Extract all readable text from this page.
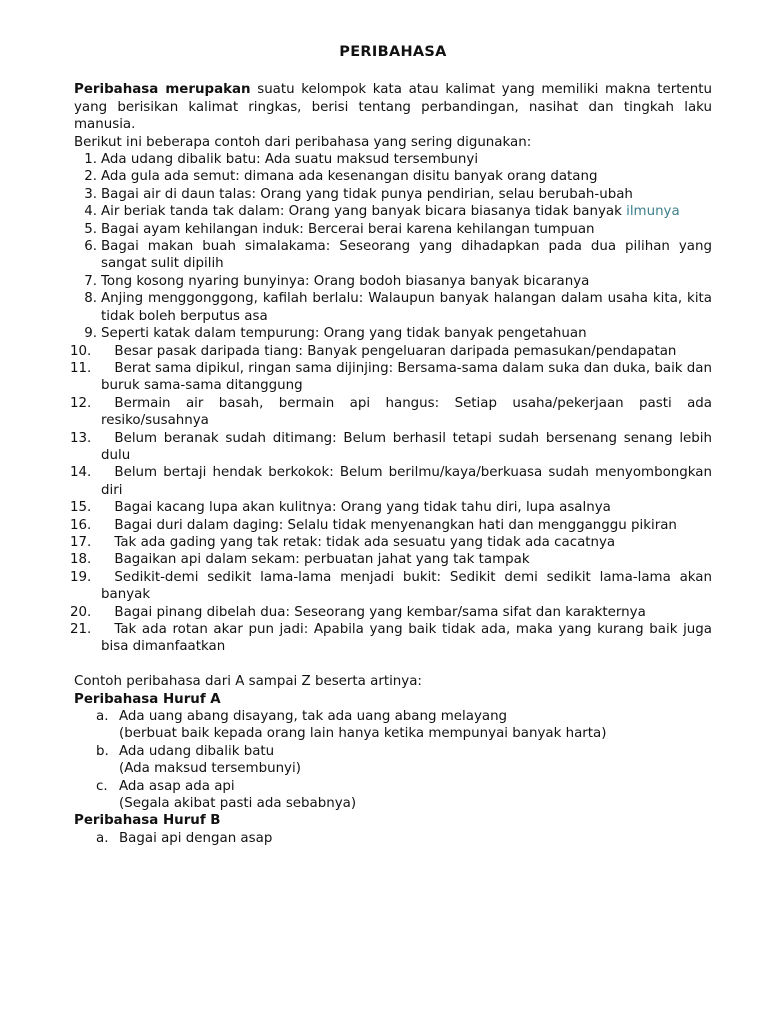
PERIBAHASA
Peribahasa merupakan suatu kelompok kata atau kalimat yang memiliki makna tertentu yang berisikan kalimat ringkas, berisi tentang perbandingan, nasihat dan tingkah laku manusia.
Berikut ini beberapa contoh dari peribahasa yang sering digunakan:
1. Ada udang dibalik batu: Ada suatu maksud tersembunyi
2. Ada gula ada semut: dimana ada kesenangan disitu banyak orang datang
3. Bagai air di daun talas: Orang yang tidak punya pendirian, selau berubah-ubah
4. Air beriak tanda tak dalam: Orang yang banyak bicara biasanya tidak banyak ilmunya
5. Bagai ayam kehilangan induk: Bercerai berai karena kehilangan tumpuan
6. Bagai makan buah simalakama: Seseorang yang dihadapkan pada dua pilihan yang sangat sulit dipilih
7. Tong kosong nyaring bunyinya: Orang bodoh biasanya banyak bicaranya
8. Anjing menggonggong, kafilah berlalu: Walaupun banyak halangan dalam usaha kita, kita tidak boleh berputus asa
9. Seperti katak dalam tempurung: Orang yang tidak banyak pengetahuan
10.
 	Besar pasak daripada tiang: Banyak pengeluaran daripada pemasukan/pendapatan
11.
 	Berat sama dipikul, ringan sama dijinjing: Bersama-sama dalam suka dan duka, baik dan buruk sama-sama ditanggung
12.
 	Bermain air basah, bermain api hangus: Setiap usaha/pekerjaan pasti ada resiko/susahnya
13.
 	Belum beranak sudah ditimang: Belum berhasil tetapi sudah bersenang senang lebih dulu
14.
 	Belum bertaji hendak berkokok: Belum berilmu/kaya/berkuasa sudah menyombongkan diri
15.
 	Bagai kacang lupa akan kulitnya: Orang yang tidak tahu diri, lupa asalnya
16.
 	Bagai duri dalam daging: Selalu tidak menyenangkan hati dan mengganggu pikiran
17.
 	Tak ada gading yang tak retak: tidak ada sesuatu yang tidak ada cacatnya
18.
 	Bagaikan api dalam sekam: perbuatan jahat yang tak tampak
19.
 	Sedikit-demi sedikit lama-lama menjadi bukit: Sedikit demi sedikit lama-lama akan banyak
20.
 	Bagai pinang dibelah dua: Seseorang yang kembar/sama sifat dan karakternya
21.
 	Tak ada rotan akar pun jadi: Apabila yang baik tidak ada, maka yang kurang baik juga bisa dimanfaatkan
Contoh peribahasa dari A sampai Z beserta artinya:
Peribahasa Huruf A
a. Ada uang abang disayang, tak ada uang abang melayang
(berbuat baik kepada orang lain hanya ketika mempunyai banyak harta)
b. Ada udang dibalik batu
(Ada maksud tersembunyi)
c. Ada asap ada api
(Segala akibat pasti ada sebabnya)
Peribahasa Huruf B
a. Bagai api dengan asap
